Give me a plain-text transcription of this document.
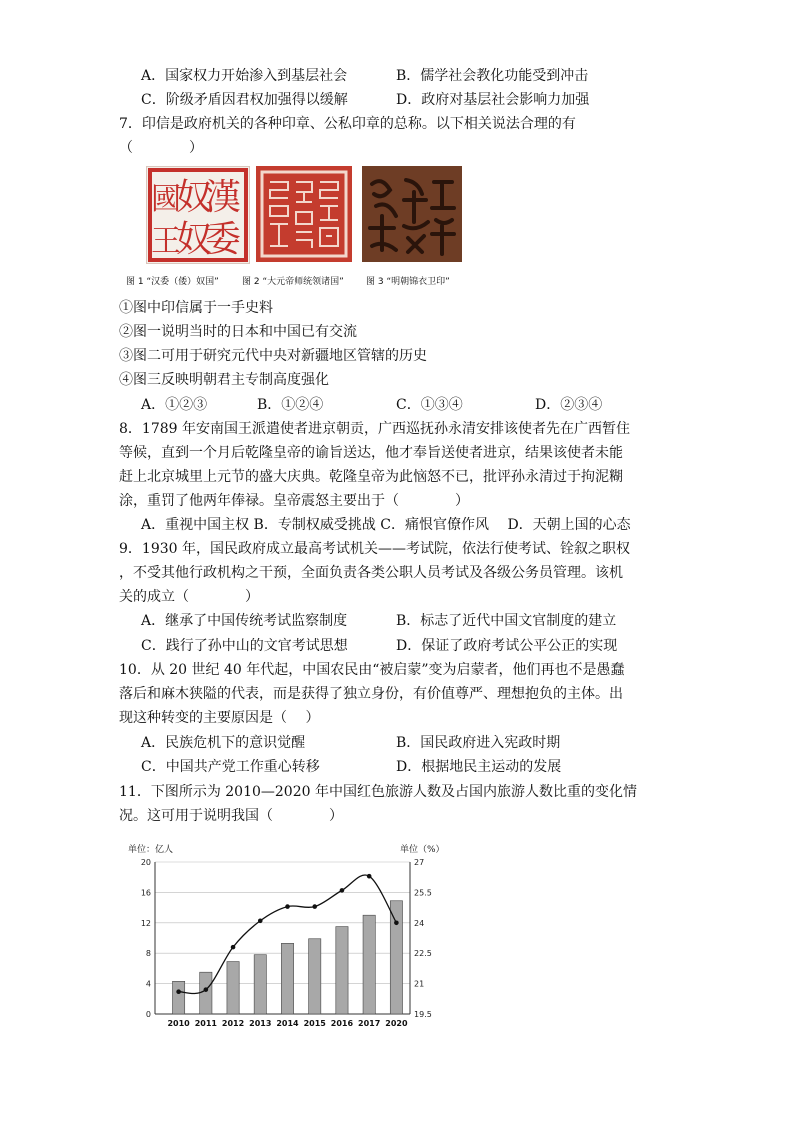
A．国家权力开始渗入到基层社会	B．儒学社会教化功能受到冲击
C．阶级矛盾因君权加强得以缓解	D．政府对基层社会影响力加强
7．印信是政府机关的各种印章、公私印章的总称。以下相关说法合理的有
（　　　　）
漢
委
奴
奴
國
王
图 1 “汉委（倭）奴国”	图 2 “大元帝师统领诸国” 图 3 “明朝锦衣卫印”
①图中印信属于一手史料
②图一说明当时的日本和中国已有交流
③图二可用于研究元代中央对新疆地区管辖的历史
④图三反映明朝君主专制高度强化
A．①②③	B．①②④	C．①③④	D．②③④
8．1789 年安南国王派遣使者进京朝贡，广西巡抚孙永清安排该使者先在广西暂住
等候，直到一个月后乾隆皇帝的谕旨送达，他才奉旨送使者进京，结果该使者未能
赶上北京城里上元节的盛大庆典。乾隆皇帝为此恼怒不已，批评孙永清过于拘泥糊
涂，重罚了他两年俸禄。皇帝震怒主要出于（　　　　）
A．重视中国主权 B．专制权威受挑战 C．痛恨官僚作风　 D．天朝上国的心态
9．1930 年，国民政府成立最高考试机关——考试院，依法行使考试、铨叙之职权
，不受其他行政机构之干预，全面负责各类公职人员考试及各级公务员管理。该机
关的成立（　　　　）
A．继承了中国传统考试监察制度	B．标志了近代中国文官制度的建立
C．践行了孙中山的文官考试思想	D．保证了政府考试公平公正的实现
10．从 20 世纪 40 年代起，中国农民由“被启蒙”变为启蒙者，他们再也不是愚蠢
落后和麻木狭隘的代表，而是获得了独立身份，有价值尊严、理想抱负的主体。出
现这种转变的主要原因是（　 ）
A．民族危机下的意识觉醒	B．国民政府进入宪政时期
C．中国共产党工作重心转移	D．根据地民主运动的发展
11．下图所示为 2010—2020 年中国红色旅游人数及占国内旅游人数比重的变化情
况。这可用于说明我国（　　　　）
单位：亿人	单位（%）
0
4
8
12
16
20
19.5
21
22.5
24
25.5
27
2010 2011 2012 2013 2014 2015 2016 2017 2020
